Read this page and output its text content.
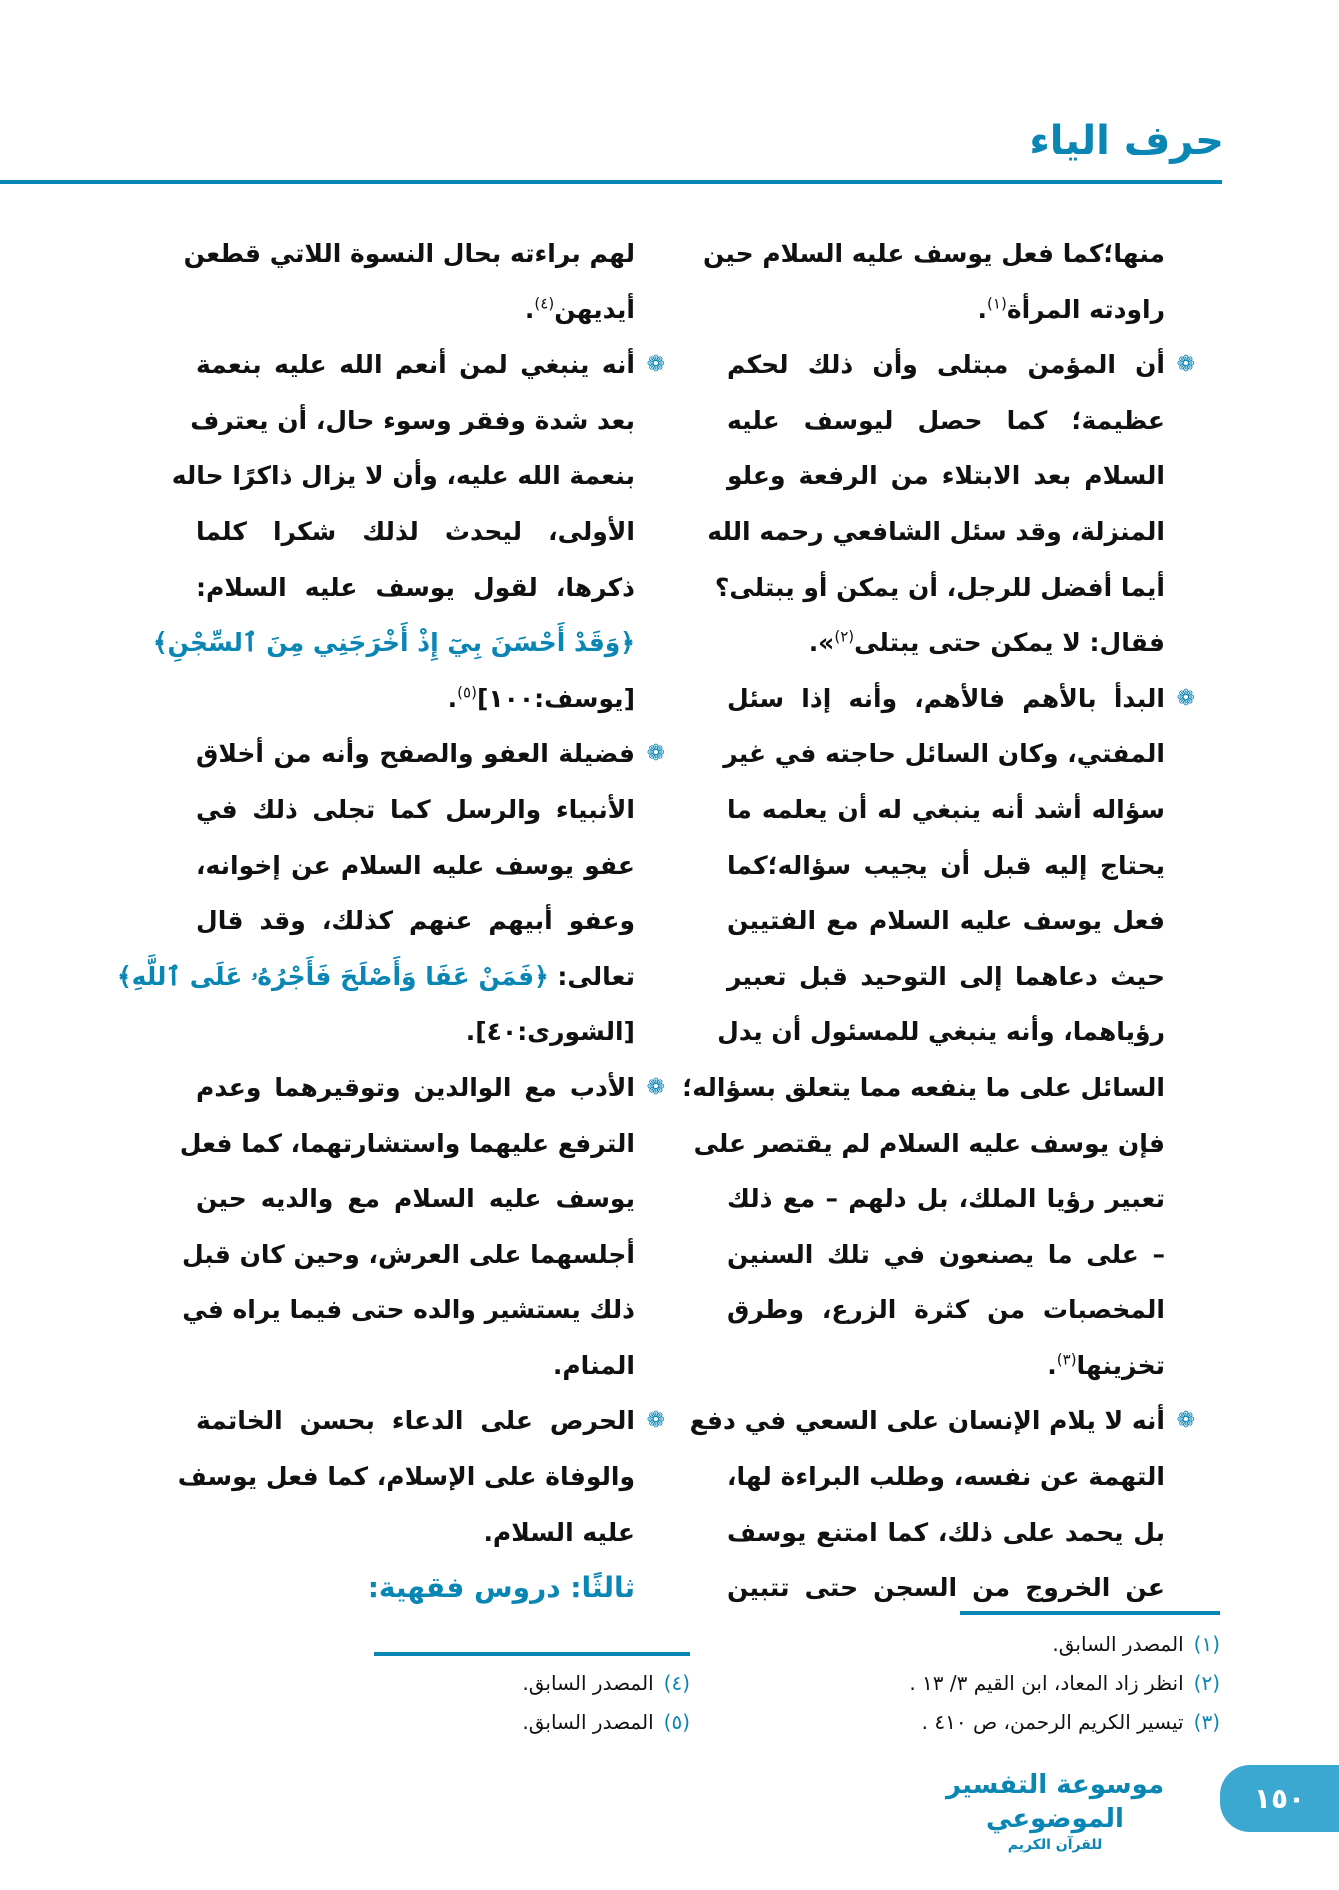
حرف الياء
منها؛كما فعل يوسف عليه السلام حين
راودته المرأة$^{(١)}$.
❁
أن المؤمن مبتلى وأن ذلك لحكم
عظيمة؛ كما حصل ليوسف عليه
السلام بعد الابتلاء من الرفعة وعلو
المنزلة، وقد سئل الشافعي رحمه الله
أيما أفضل للرجل، أن يمكن أو يبتلى؟
فقال: لا يمكن حتى يبتلى$^{(٢)}$».
❁
البدأ بالأهم فالأهم، وأنه إذا سئل
المفتي، وكان السائل حاجته في غير
سؤاله أشد أنه ينبغي له أن يعلمه ما
يحتاج إليه قبل أن يجيب سؤاله؛كما
فعل يوسف عليه السلام مع الفتيين
حيث دعاهما إلى التوحيد قبل تعبير
رؤياهما، وأنه ينبغي للمسئول أن يدل
السائل على ما ينفعه مما يتعلق بسؤاله؛
فإن يوسف عليه السلام لم يقتصر على
تعبير رؤيا الملك، بل دلهم – مع ذلك
– على ما يصنعون في تلك السنين
المخصبات من كثرة الزرع، وطرق
تخزينها$^{(٣)}$.
❁
أنه لا يلام الإنسان على السعي في دفع
التهمة عن نفسه، وطلب البراءة لها،
بل يحمد على ذلك، كما امتنع يوسف
عن الخروج من السجن حتى تتبين
لهم براءته بحال النسوة اللاتي قطعن
أيديهن$^{(٤)}$.
❁
أنه ينبغي لمن أنعم الله عليه بنعمة
بعد شدة وفقر وسوء حال، أن يعترف
بنعمة الله عليه، وأن لا يزال ذاكرًا حاله
الأولى، ليحدث لذلك شكرا كلما
ذكرها، لقول يوسف عليه السلام:
﴿وَقَدْ أَحْسَنَ بِيٓ إِذْ أَخْرَجَنِي مِنَ ٱلسِّجْنِ﴾
[يوسف:١٠٠]$^{(٥)}$.
❁
فضيلة العفو والصفح وأنه من أخلاق
الأنبياء والرسل كما تجلى ذلك في
عفو يوسف عليه السلام عن إخوانه،
وعفو أبيهم عنهم كذلك، وقد قال
تعالى: ﴿فَمَنْ عَفَا وَأَصْلَحَ فَأَجْرُهُۥ عَلَى ٱللَّهِ﴾
[الشورى:٤٠].
❁
الأدب مع الوالدين وتوقيرهما وعدم
الترفع عليهما واستشارتهما، كما فعل
يوسف عليه السلام مع والديه حين
أجلسهما على العرش، وحين كان قبل
ذلك يستشير والده حتى فيما يراه في
المنام.
❁
الحرص على الدعاء بحسن الخاتمة
والوفاة على الإسلام، كما فعل يوسف
عليه السلام.
ثالثًا: دروس فقهية:
(١)المصدر السابق.
(٢)انظر زاد المعاد، ابن القيم ٣/ ١٣ .
(٣)تيسير الكريم الرحمن، ص ٤١٠ .
(٤)المصدر السابق.
(٥)المصدر السابق.
موسوعة التفسير الموضوعي
للقرآن الكريم
١٥٠
